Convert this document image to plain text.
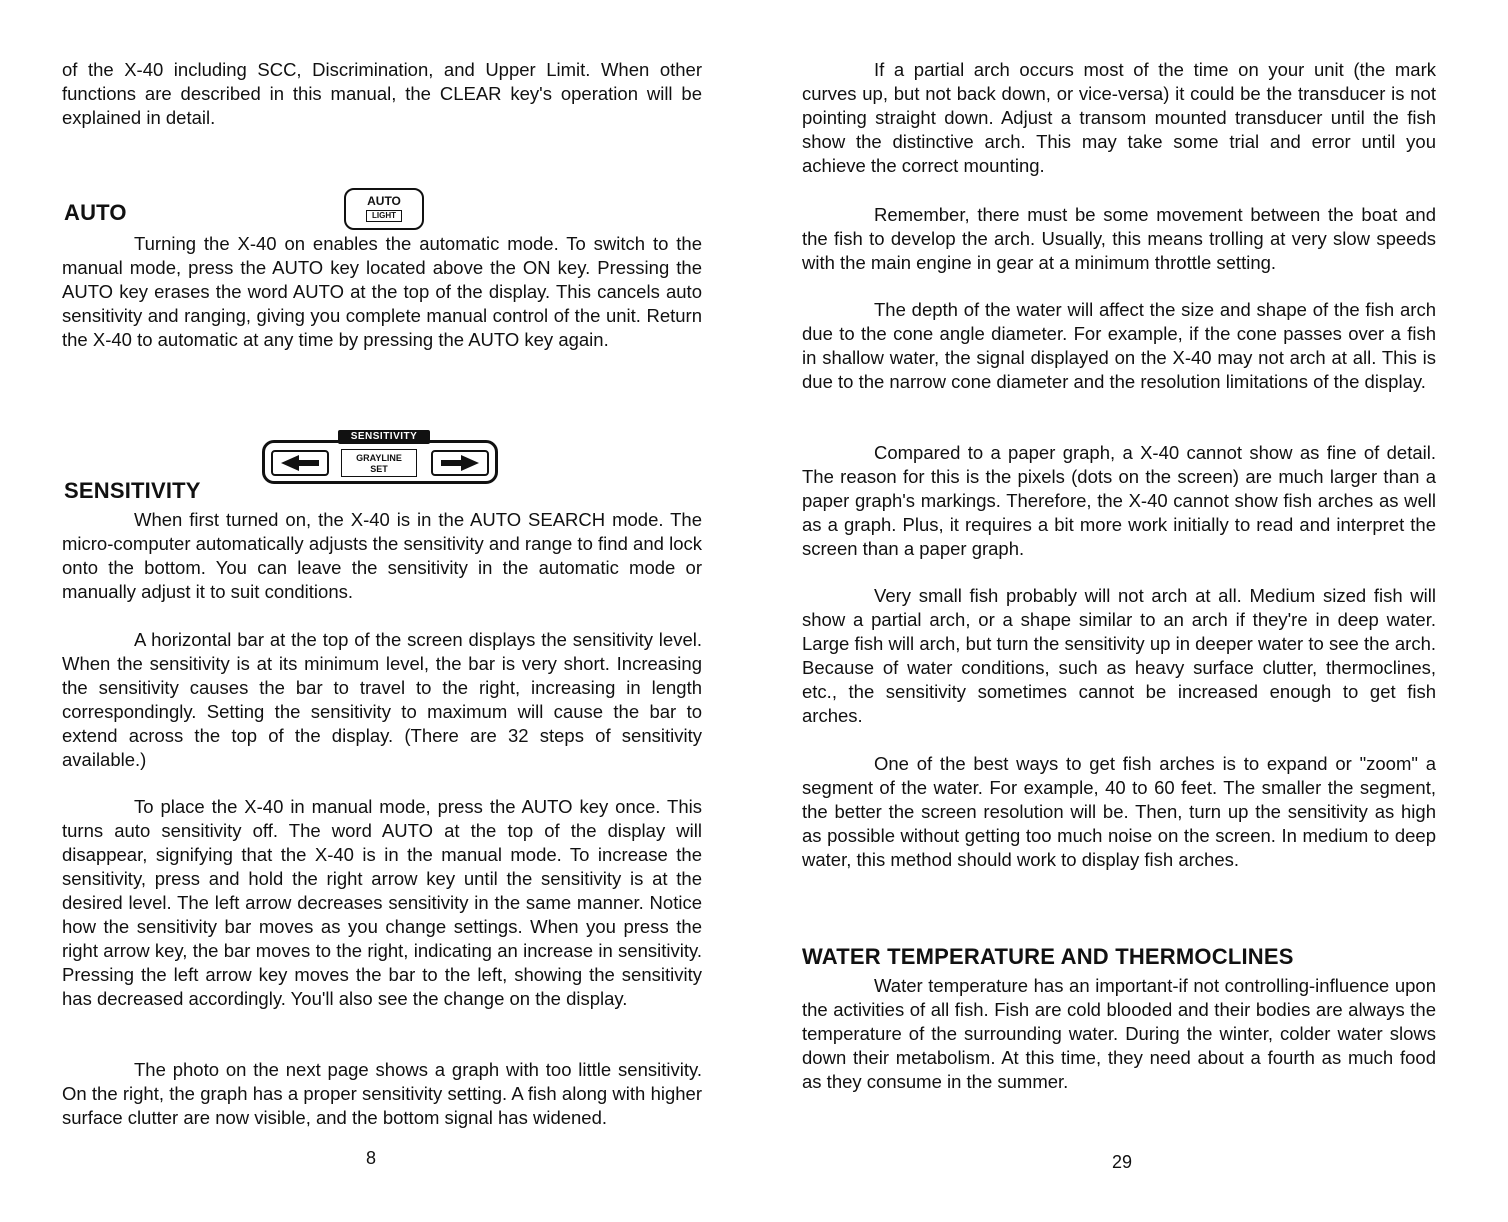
of the X-40 including SCC, Discrimination, and Upper Limit. When other functions are described in this manual, the CLEAR key's operation will be explained in detail.

AUTO

Turning the X-40 on enables the automatic mode. To switch to the manual mode, press the AUTO key located above the ON key. Pressing the AUTO key erases the word AUTO at the top of the display. This cancels auto sensitivity and ranging, giving you complete manual control of the unit. Return the X-40 to automatic at any time by pressing the AUTO key again.

SENSITIVITY

When first turned on, the X-40 is in the AUTO SEARCH mode. The micro-computer automatically adjusts the sensitivity and range to find and lock onto the bottom. You can leave the sensitivity in the automatic mode or manually adjust it to suit conditions.

A horizontal bar at the top of the screen displays the sensitivity level. When the sensitivity is at its minimum level, the bar is very short. Increasing the sensitivity causes the bar to travel to the right, increasing in length correspondingly. Setting the sensitivity to maximum will cause the bar to extend across the top of the display. (There are 32 steps of sensitivity available.)

To place the X-40 in manual mode, press the AUTO key once. This turns auto sensitivity off. The word AUTO at the top of the display will disappear, signifying that the X-40 is in the manual mode. To increase the sensitivity, press and hold the right arrow key until the sensitivity is at the desired level. The left arrow decreases sensitivity in the same manner. Notice how the sensitivity bar moves as you change settings. When you press the right arrow key, the bar moves to the right, indicating an increase in sensitivity. Pressing the left arrow key moves the bar to the left, showing the sensitivity has decreased accordingly. You'll also see the change on the display.

The photo on the next page shows a graph with too little sensitivity. On the right, the graph has a proper sensitivity setting. A fish along with higher surface clutter are now visible, and the bottom signal has widened.

AUTO
LIGHT
GRAYLINE
SET
SENSITIVITY
8

If a partial arch occurs most of the time on your unit (the mark curves up, but not back down, or vice-versa) it could be the transducer is not pointing straight down. Adjust a transom mounted transducer until the fish show the distinctive arch. This may take some trial and error until you achieve the correct mounting.

Remember, there must be some movement between the boat and the fish to develop the arch. Usually, this means trolling at very slow speeds with the main engine in gear at a minimum throttle setting.

The depth of the water will affect the size and shape of the fish arch due to the cone angle diameter. For example, if the cone passes over a fish in shallow water, the signal displayed on the X-40 may not arch at all. This is due to the narrow cone diameter and the resolution limitations of the display.

Compared to a paper graph, a X-40 cannot show as fine of detail. The reason for this is the pixels (dots on the screen) are much larger than a paper graph's markings. Therefore, the X-40 cannot show fish arches as well as a graph. Plus, it requires a bit more work initially to read and interpret the screen than a paper graph.

Very small fish probably will not arch at all. Medium sized fish will show a partial arch, or a shape similar to an arch if they're in deep water. Large fish will arch, but turn the sensitivity up in deeper water to see the arch. Because of water conditions, such as heavy surface clutter, thermoclines, etc., the sensitivity sometimes cannot be increased enough to get fish arches.

One of the best ways to get fish arches is to expand or "zoom" a segment of the water. For example, 40 to 60 feet. The smaller the segment, the better the screen resolution will be. Then, turn up the sensitivity as high as possible without getting too much noise on the screen. In medium to deep water, this method should work to display fish arches.

WATER TEMPERATURE AND THERMOCLINES

Water temperature has an important-if not controlling-influence upon the activities of all fish. Fish are cold blooded and their bodies are always the temperature of the surrounding water. During the winter, colder water slows down their metabolism. At this time, they need about a fourth as much food as they consume in the summer.

29
